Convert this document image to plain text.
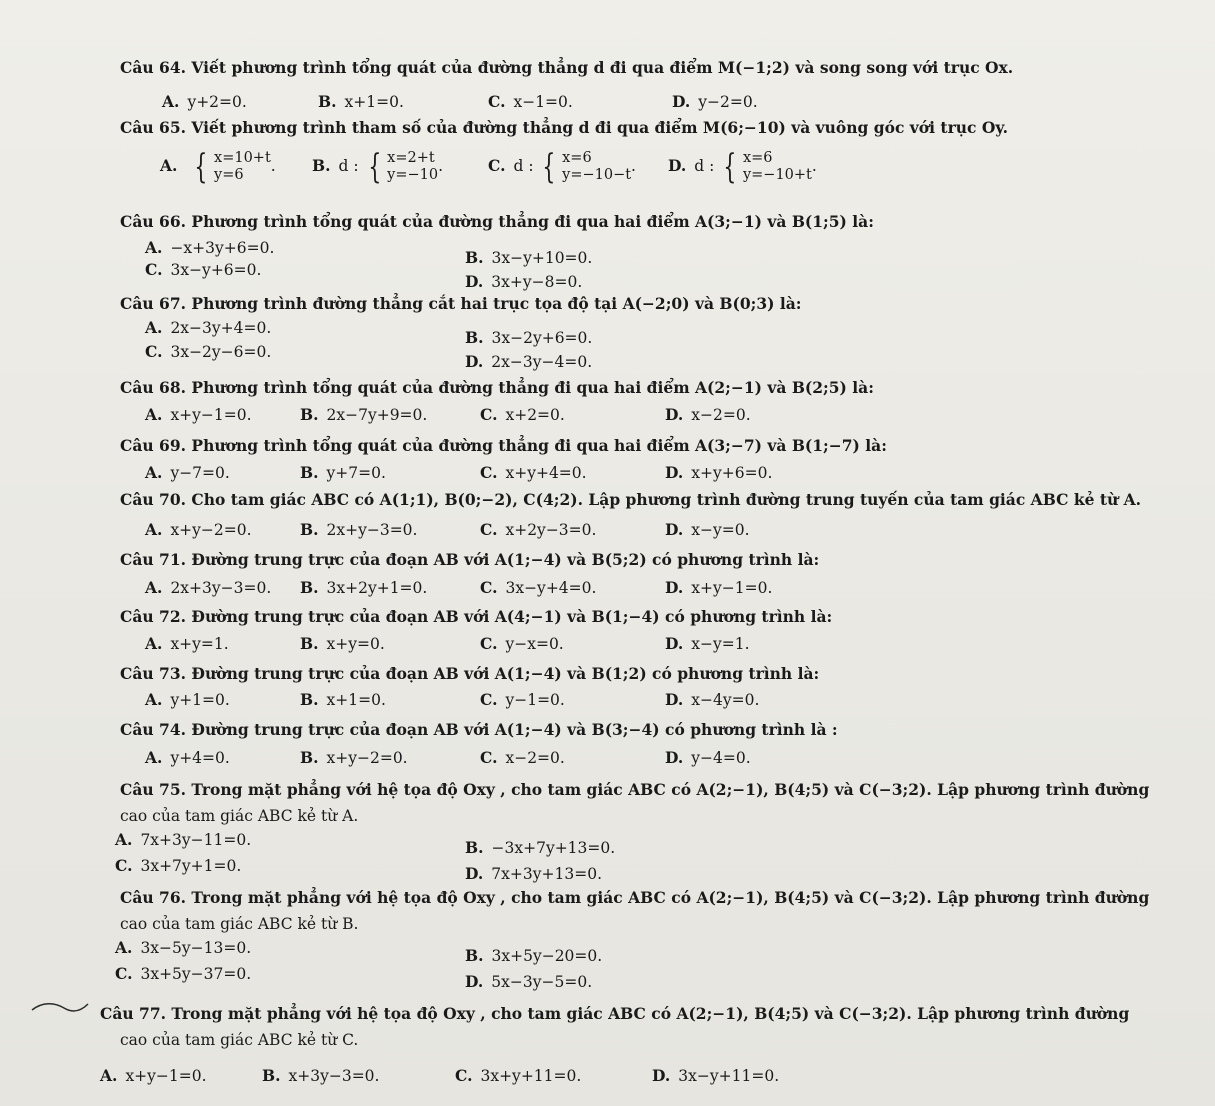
Câu 64. Viết phương trình tổng quát của đường thẳng d đi qua điểm M(−1;2) và song song với trục Ox.
A. y+2=0.	B. x+1=0.	C. x−1=0.	D. y−2=0.
Câu 65. Viết phương trình tham số của đường thẳng d đi qua điểm M(6;−10) và vuông góc với trục Oy.
A. { x=10+t
y=6	. B. d : { x=2+t
y=−10 .	C. d : { x=6
y=−10−t . D. d : { x=6
y=−10+t .
Câu 66. Phương trình tổng quát của đường thẳng đi qua hai điểm A(3;−1) và B(1;5) là:
A. −x+3y+6=0.	B. 3x−y+10=0.
C. 3x−y+6=0.
D. 3x+y−8=0.
Câu 67. Phương trình đường thẳng cắt hai trục tọa độ tại A(−2;0) và B(0;3) là:
A. 2x−3y+4=0.	B. 3x−2y+6=0.
C. 3x−2y−6=0.	D. 2x−3y−4=0.
Câu 68. Phương trình tổng quát của đường thẳng đi qua hai điểm A(2;−1) và B(2;5) là:
A. x+y−1=0.	B. 2x−7y+9=0.	C. x+2=0.	D. x−2=0.
Câu 69. Phương trình tổng quát của đường thẳng đi qua hai điểm A(3;−7) và B(1;−7) là:
A. y−7=0.	B. y+7=0.	C. x+y+4=0.	D. x+y+6=0.
Câu 70. Cho tam giác ABC có A(1;1), B(0;−2), C(4;2). Lập phương trình đường trung tuyến của tam giác ABC kẻ từ A.
A. x+y−2=0.	B. 2x+y−3=0.	C. x+2y−3=0.	D. x−y=0.
Câu 71. Đường trung trực của đoạn AB với A(1;−4) và B(5;2) có phương trình là:
A. 2x+3y−3=0. B. 3x+2y+1=0.	C. 3x−y+4=0.	D. x+y−1=0.
Câu 72. Đường trung trực của đoạn AB với A(4;−1) và B(1;−4) có phương trình là:
A. x+y=1.	B. x+y=0.	C. y−x=0.	D. x−y=1.
Câu 73. Đường trung trực của đoạn AB với A(1;−4) và B(1;2) có phương trình là:
A. y+1=0.	B. x+1=0.	C. y−1=0.	D. x−4y=0.
Câu 74. Đường trung trực của đoạn AB với A(1;−4) và B(3;−4) có phương trình là :
A. y+4=0.	B. x+y−2=0.	C. x−2=0.	D. y−4=0.
Câu 75. Trong mặt phẳng với hệ tọa độ Oxy , cho tam giác ABC có A(2;−1), B(4;5) và C(−3;2). Lập phương trình đường
cao của tam giác ABC kẻ từ A.
A. 7x+3y−11=0.	B. −3x+7y+13=0.
C. 3x+7y+1=0.	D. 7x+3y+13=0.
Câu 76. Trong mặt phẳng với hệ tọa độ Oxy , cho tam giác ABC có A(2;−1), B(4;5) và C(−3;2). Lập phương trình đường
cao của tam giác ABC kẻ từ B.
A. 3x−5y−13=0.	B. 3x+5y−20=0.
C. 3x+5y−37=0.	D. 5x−3y−5=0.
Câu 77. Trong mặt phẳng với hệ tọa độ Oxy , cho tam giác ABC có A(2;−1), B(4;5) và C(−3;2). Lập phương trình đường
cao của tam giác ABC kẻ từ C.
A. x+y−1=0.	B. x+3y−3=0.	C. 3x+y+11=0.	D. 3x−y+11=0.
